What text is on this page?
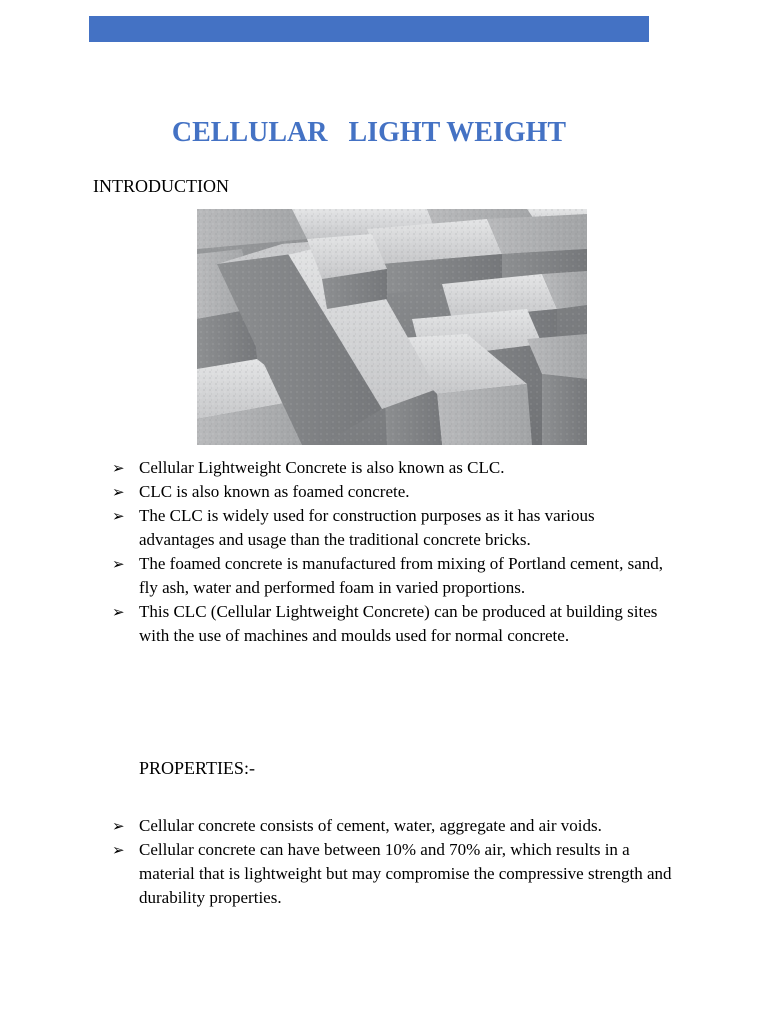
CELLULAR   LIGHT WEIGHT

INTRODUCTION

➢ Cellular Lightweight Concrete is also known as CLC.
➢ CLC is also known as foamed concrete.
➢ The CLC is widely used for construction purposes as it has various advantages and usage than the traditional concrete bricks.
➢ The foamed concrete is manufactured from mixing of Portland cement, sand, fly ash, water and performed foam in varied proportions.
➢ This CLC (Cellular Lightweight Concrete) can be produced at building sites with the use of machines and moulds used for normal concrete.

PROPERTIES:-

➢ Cellular concrete consists of cement, water, aggregate and air voids.
➢ Cellular concrete can have between 10% and 70% air, which results in a material that is lightweight but may compromise the compressive strength and durability properties.
